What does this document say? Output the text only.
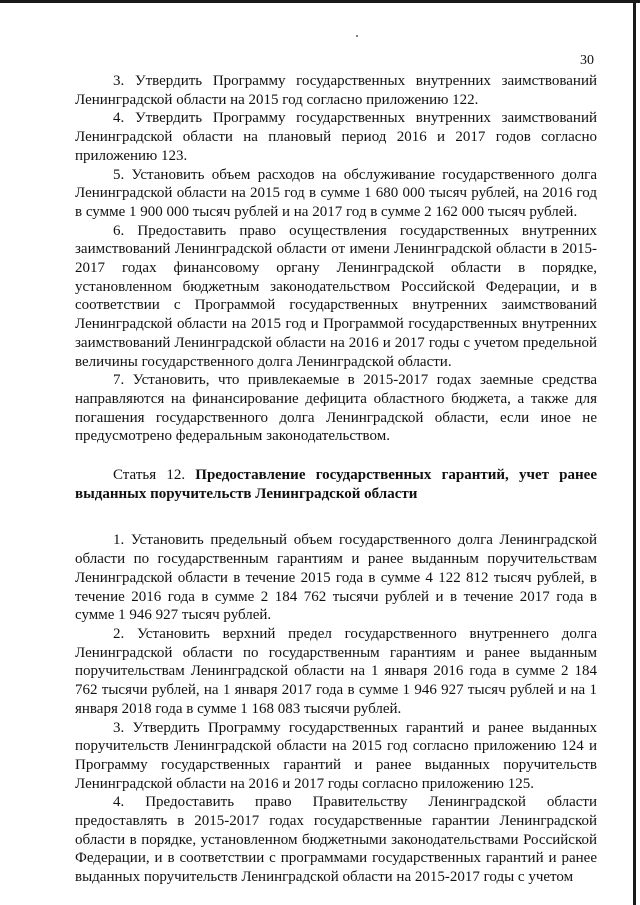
30

3. Утвердить Программу государственных внутренних заимствований Ленинградской области на 2015 год согласно приложению 122.

4. Утвердить Программу государственных внутренних заимствований Ленинградской области на плановый период 2016 и 2017 годов согласно приложению 123.

5. Установить объем расходов на обслуживание государственного долга Ленинградской области на 2015 год в сумме 1 680 000 тысяч рублей, на 2016 год в сумме 1 900 000 тысяч рублей и на 2017 год в сумме 2 162 000 тысяч рублей.

6. Предоставить право осуществления государственных внутренних заимствований Ленинградской области от имени Ленинградской области в 2015-2017 годах финансовому органу Ленинградской области в порядке, установленном бюджетным законодательством Российской Федерации, и в соответствии с Программой государственных внутренних заимствований Ленинградской области на 2015 год и Программой государственных внутренних заимствований Ленинградской области на 2016 и 2017 годы с учетом предельной величины государственного долга Ленинградской области.

7. Установить, что привлекаемые в 2015-2017 годах заемные средства направляются на финансирование дефицита областного бюджета, а также для погашения государственного долга Ленинградской области, если иное не предусмотрено федеральным законодательством.

Статья 12. Предоставление государственных гарантий, учет ранее выданных поручительств Ленинградской области

1. Установить предельный объем государственного долга Ленинградской области по государственным гарантиям и ранее выданным поручительствам Ленинградской области в течение 2015 года в сумме 4 122 812 тысяч рублей, в течение 2016 года в сумме 2 184 762 тысячи рублей и в течение 2017 года в сумме 1 946 927 тысяч рублей.

2. Установить верхний предел государственного внутреннего долга Ленинградской области по государственным гарантиям и ранее выданным поручительствам Ленинградской области на 1 января 2016 года в сумме 2 184 762 тысячи рублей, на 1 января 2017 года в сумме 1 946 927 тысяч рублей и на 1 января 2018 года в сумме 1 168 083 тысячи рублей.

3. Утвердить Программу государственных гарантий и ранее выданных поручительств Ленинградской области на 2015 год согласно приложению 124 и Программу государственных гарантий и ранее выданных поручительств Ленинградской области на 2016 и 2017 годы согласно приложению 125.

4. Предоставить право Правительству Ленинградской области предоставлять в 2015-2017 годах государственные гарантии Ленинградской области в порядке, установленном бюджетными законодательствами Российской Федерации, и в соответствии с программами государственных гарантий и ранее выданных поручительств Ленинградской области на 2015-2017 годы с учетом
